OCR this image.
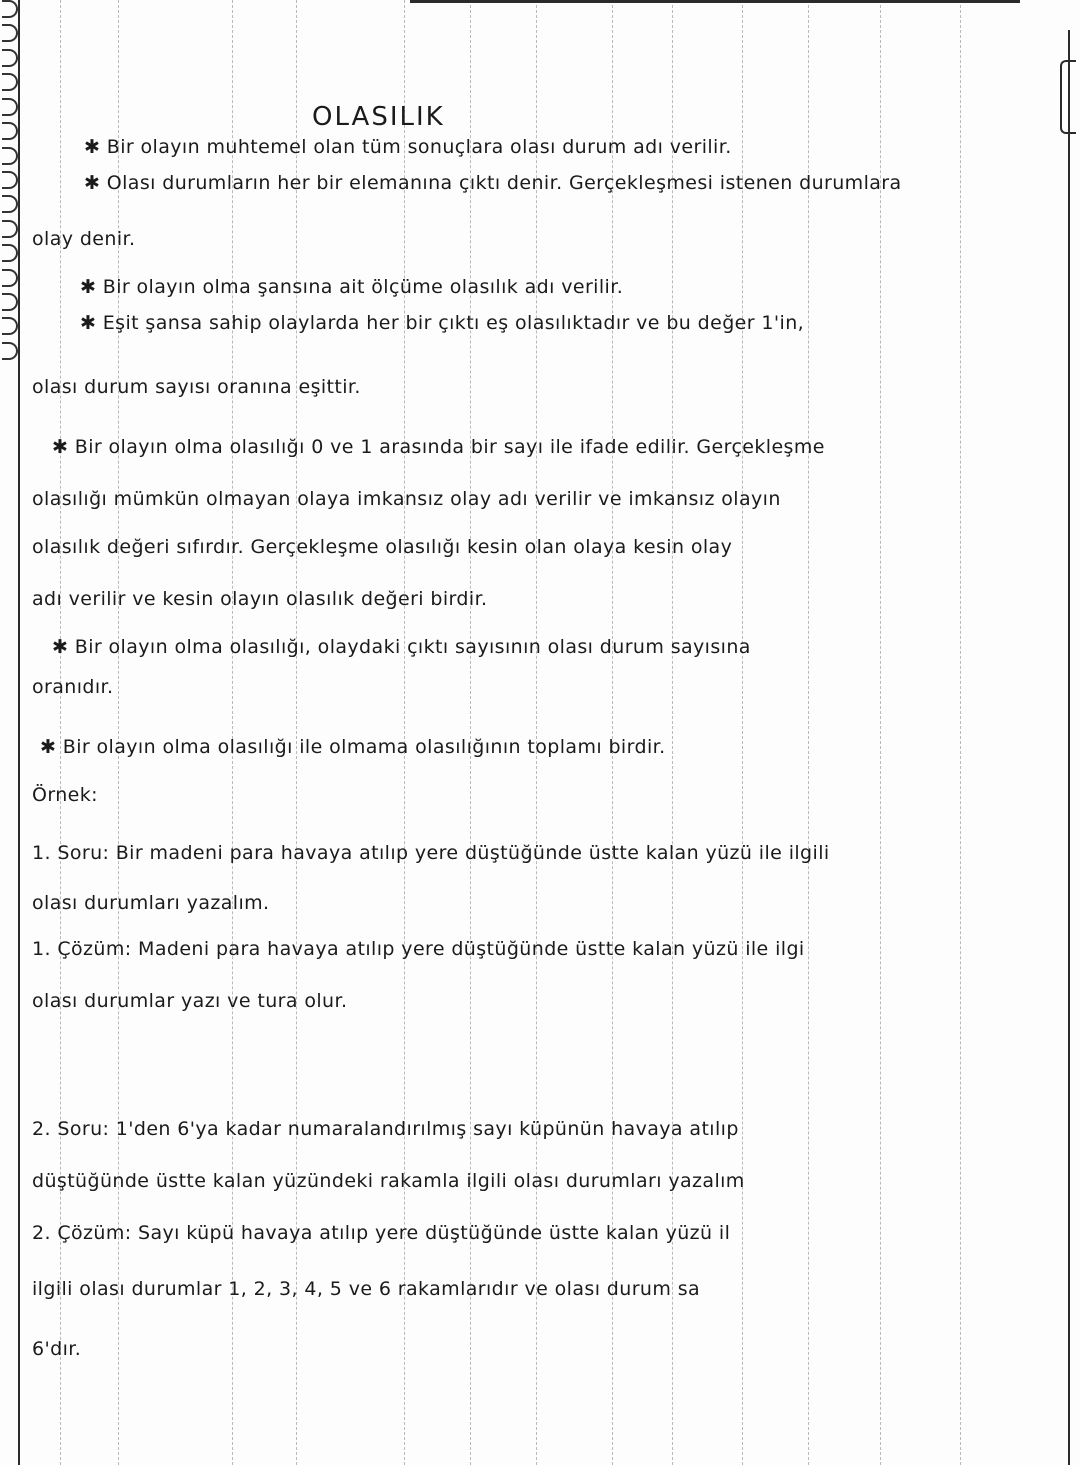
OLASILIK
✱ Bir olayın muhtemel olan tüm sonuçlara olası durum adı verilir.
✱ Olası durumların her bir elemanına çıktı denir. Gerçekleşmesi istenen durumlara
olay denir.
✱ Bir olayın olma şansına ait ölçüme olasılık adı verilir.
✱ Eşit şansa sahip olaylarda her bir çıktı eş olasılıktadır ve bu değer 1'in,
olası durum sayısı oranına eşittir.
✱ Bir olayın olma olasılığı 0 ve 1 arasında bir sayı ile ifade edilir. Gerçekleşme
olasılığı mümkün olmayan olaya imkansız olay adı verilir ve imkansız olayın
olasılık değeri sıfırdır. Gerçekleşme olasılığı kesin olan olaya kesin olay
adı verilir ve kesin olayın olasılık değeri birdir.
✱ Bir olayın olma olasılığı, olaydaki çıktı sayısının olası durum sayısına
oranıdır.
✱ Bir olayın olma olasılığı ile olmama olasılığının toplamı birdir.
Örnek:
1. Soru: Bir madeni para havaya atılıp yere düştüğünde üstte kalan yüzü ile ilgili
olası durumları yazalım.
1. Çözüm: Madeni para havaya atılıp yere düştüğünde üstte kalan yüzü ile ilgi
olası durumlar yazı ve tura olur.
2. Soru: 1'den 6'ya kadar numaralandırılmış sayı küpünün havaya atılıp
düştüğünde üstte kalan yüzündeki rakamla ilgili olası durumları yazalım
2. Çözüm: Sayı küpü havaya atılıp yere düştüğünde üstte kalan yüzü il
ilgili olası durumlar 1, 2, 3, 4, 5 ve 6 rakamlarıdır ve olası durum sa
6'dır.
